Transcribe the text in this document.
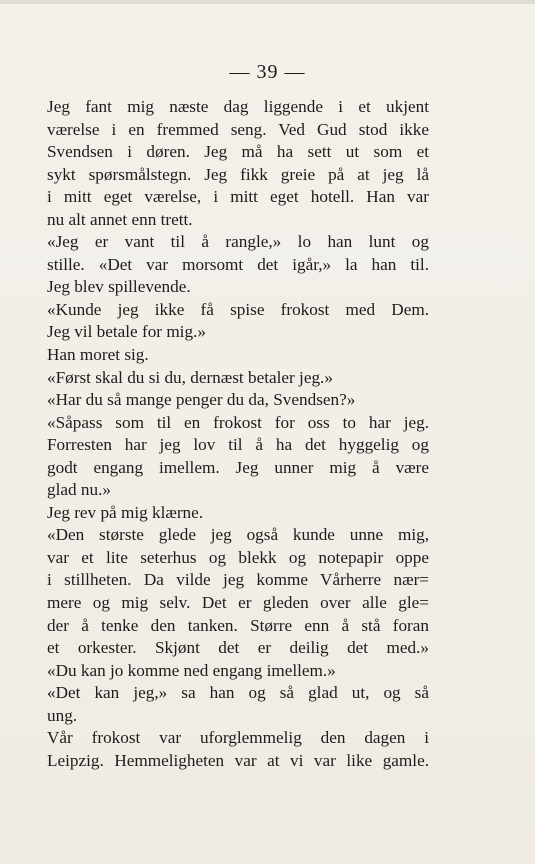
— 39 —
Jeg fant mig næste dag liggende i et ukjent
værelse i en fremmed seng. Ved Gud stod ikke
Svendsen i døren. Jeg må ha sett ut som et
sykt spørsmålstegn. Jeg fikk greie på at jeg lå
i mitt eget værelse, i mitt eget hotell. Han var
nu alt annet enn trett.
«Jeg er vant til å rangle,» lo han lunt og
stille. «Det var morsomt det igår,» la han til.
Jeg blev spillevende.
«Kunde jeg ikke få spise frokost med Dem.
Jeg vil betale for mig.»
Han moret sig.
«Først skal du si du, dernæst betaler jeg.»
«Har du så mange penger du da, Svendsen?»
«Såpass som til en frokost for oss to har jeg.
Forresten har jeg lov til å ha det hyggelig og
godt engang imellem. Jeg unner mig å være
glad nu.»
Jeg rev på mig klærne.
«Den største glede jeg også kunde unne mig,
var et lite seterhus og blekk og notepapir oppe
i stillheten. Da vilde jeg komme Vårherre nær=
mere og mig selv. Det er gleden over alle gle=
der å tenke den tanken. Større enn å stå foran
et orkester. Skjønt det er deilig det med.»
«Du kan jo komme ned engang imellem.»
«Det kan jeg,» sa han og så glad ut, og så
ung.
Vår frokost var uforglemmelig den dagen i
Leipzig. Hemmeligheten var at vi var like gamle.
